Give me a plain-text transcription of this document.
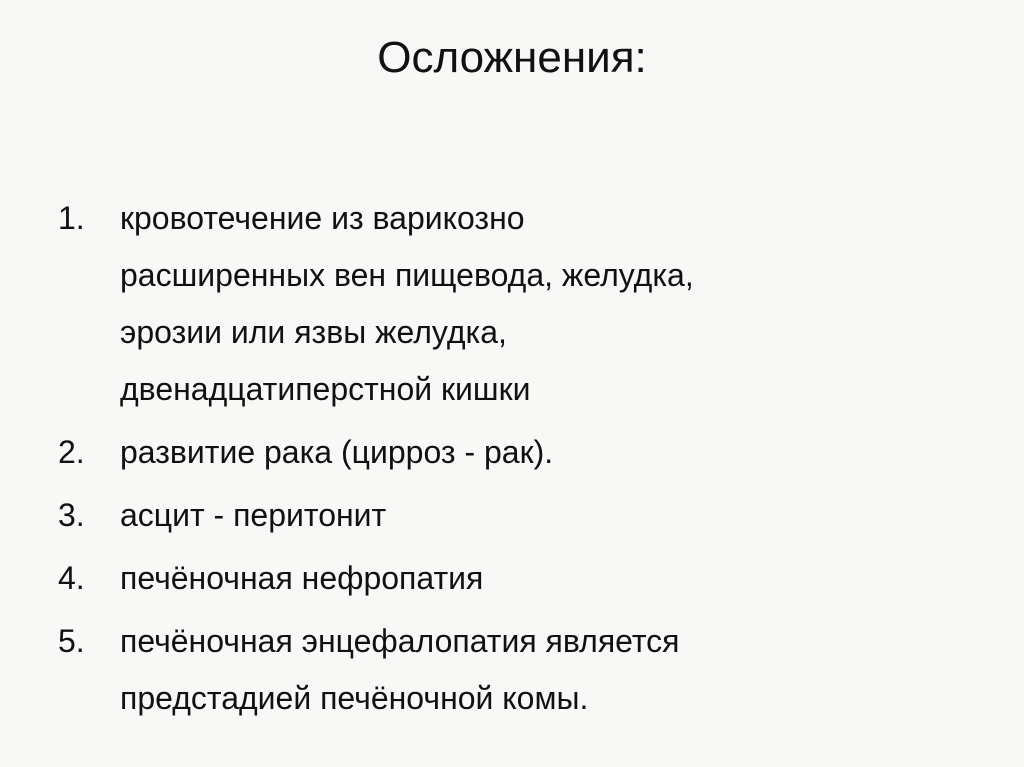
Осложнения:
1.	кровотечение из варикозно
расширенных вен пищевода, желудка,
эрозии или язвы желудка,
двенадцатиперстной кишки
2.	развитие рака (цирроз - рак).
3.	асцит - перитонит
4.	печёночная нефропатия
5.	печёночная энцефалопатия является
предстадией печёночной комы.
